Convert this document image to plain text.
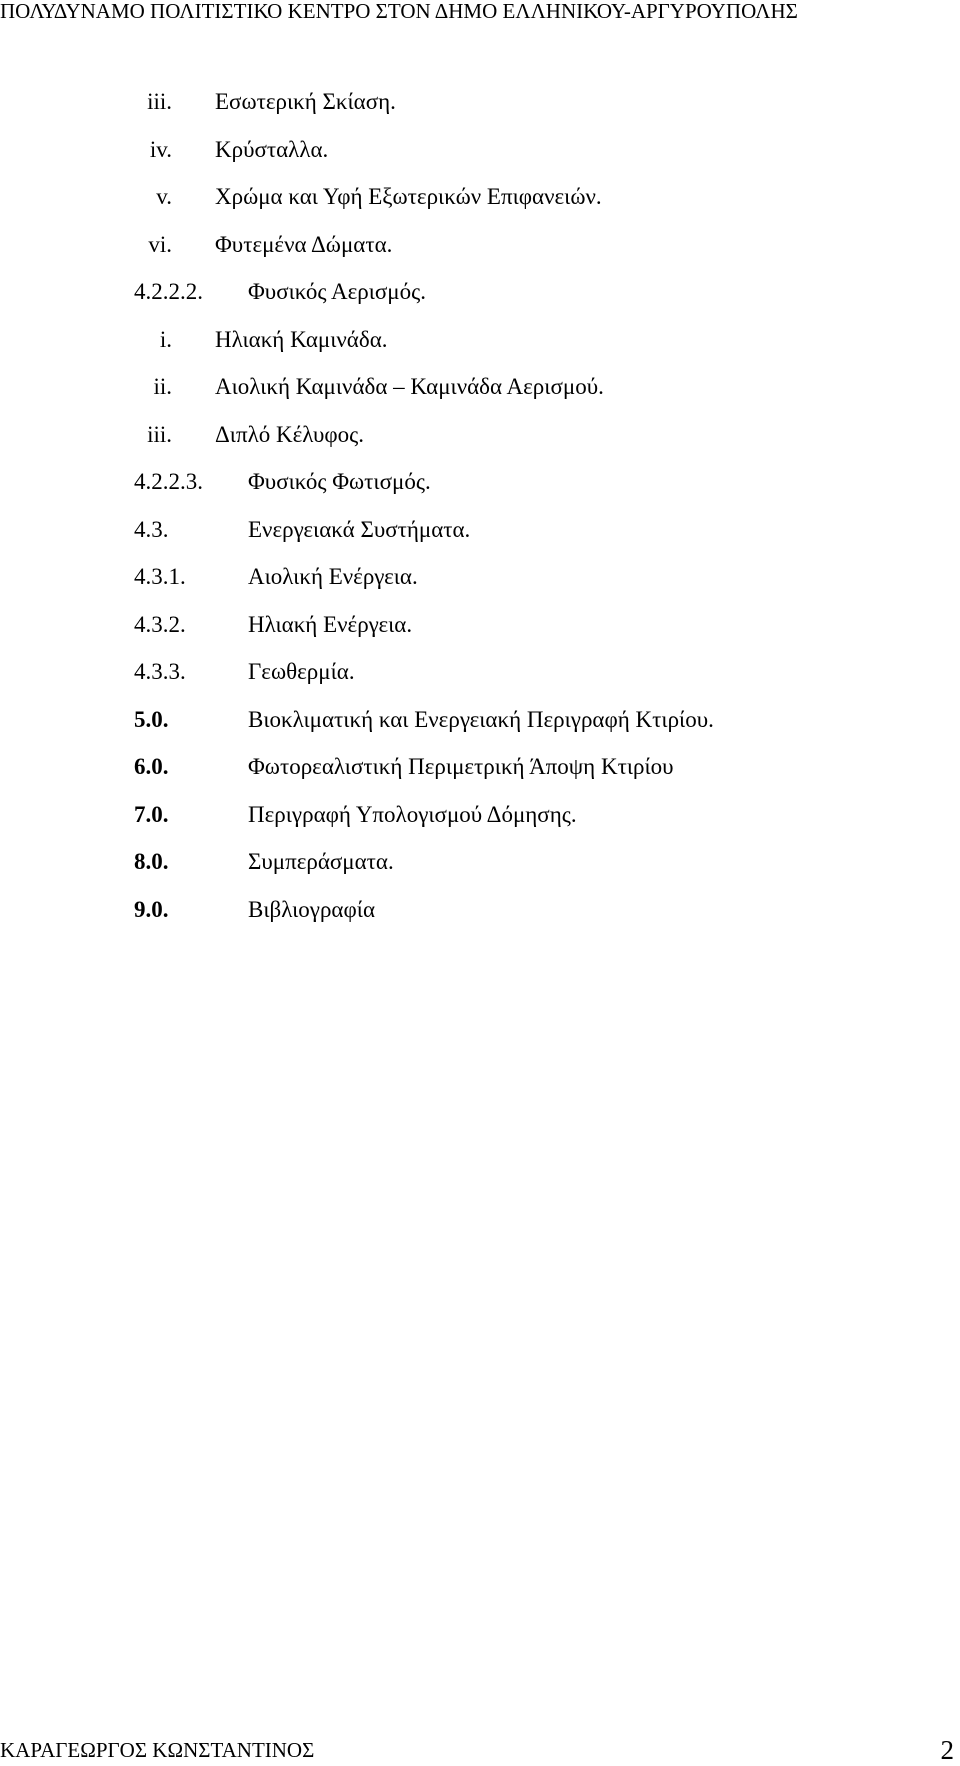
ΠΟΛΥΔΥΝΑΜΟ ΠΟΛΙΤΙΣΤΙΚΟ ΚΕΝΤΡΟ ΣΤΟΝ ΔΗΜΟ ΕΛΛΗΝΙΚΟΥ-ΑΡΓΥΡΟΥΠΟΛΗΣ
iii. Εσωτερική Σκίαση.
iv. Κρύσταλλα.
v. Χρώμα και Υφή Εξωτερικών Επιφανειών.
vi. Φυτεμένα Δώματα.
4.2.2.2. Φυσικός Αερισμός.
i. Ηλιακή Καμινάδα.
ii. Αιολική Καμινάδα – Καμινάδα Αερισμού.
iii. Διπλό Κέλυφος.
4.2.2.3. Φυσικός Φωτισμός.
4.3.	Ενεργειακά Συστήματα.
4.3.1.	Αιολική Ενέργεια.
4.3.2.	Ηλιακή Ενέργεια.
4.3.3.	Γεωθερμία.
5.0.	Βιοκλιματική και Ενεργειακή Περιγραφή Κτιρίου.
6.0.	Φωτορεαλιστική Περιμετρική Άποψη Κτιρίου
7.0.	Περιγραφή Υπολογισμού Δόμησης.
8.0.	Συμπεράσματα.
9.0.	Βιβλιογραφία
ΚΑΡΑΓΕΩΡΓΟΣ ΚΩΝΣΤΑΝΤΙΝΟΣ	2
